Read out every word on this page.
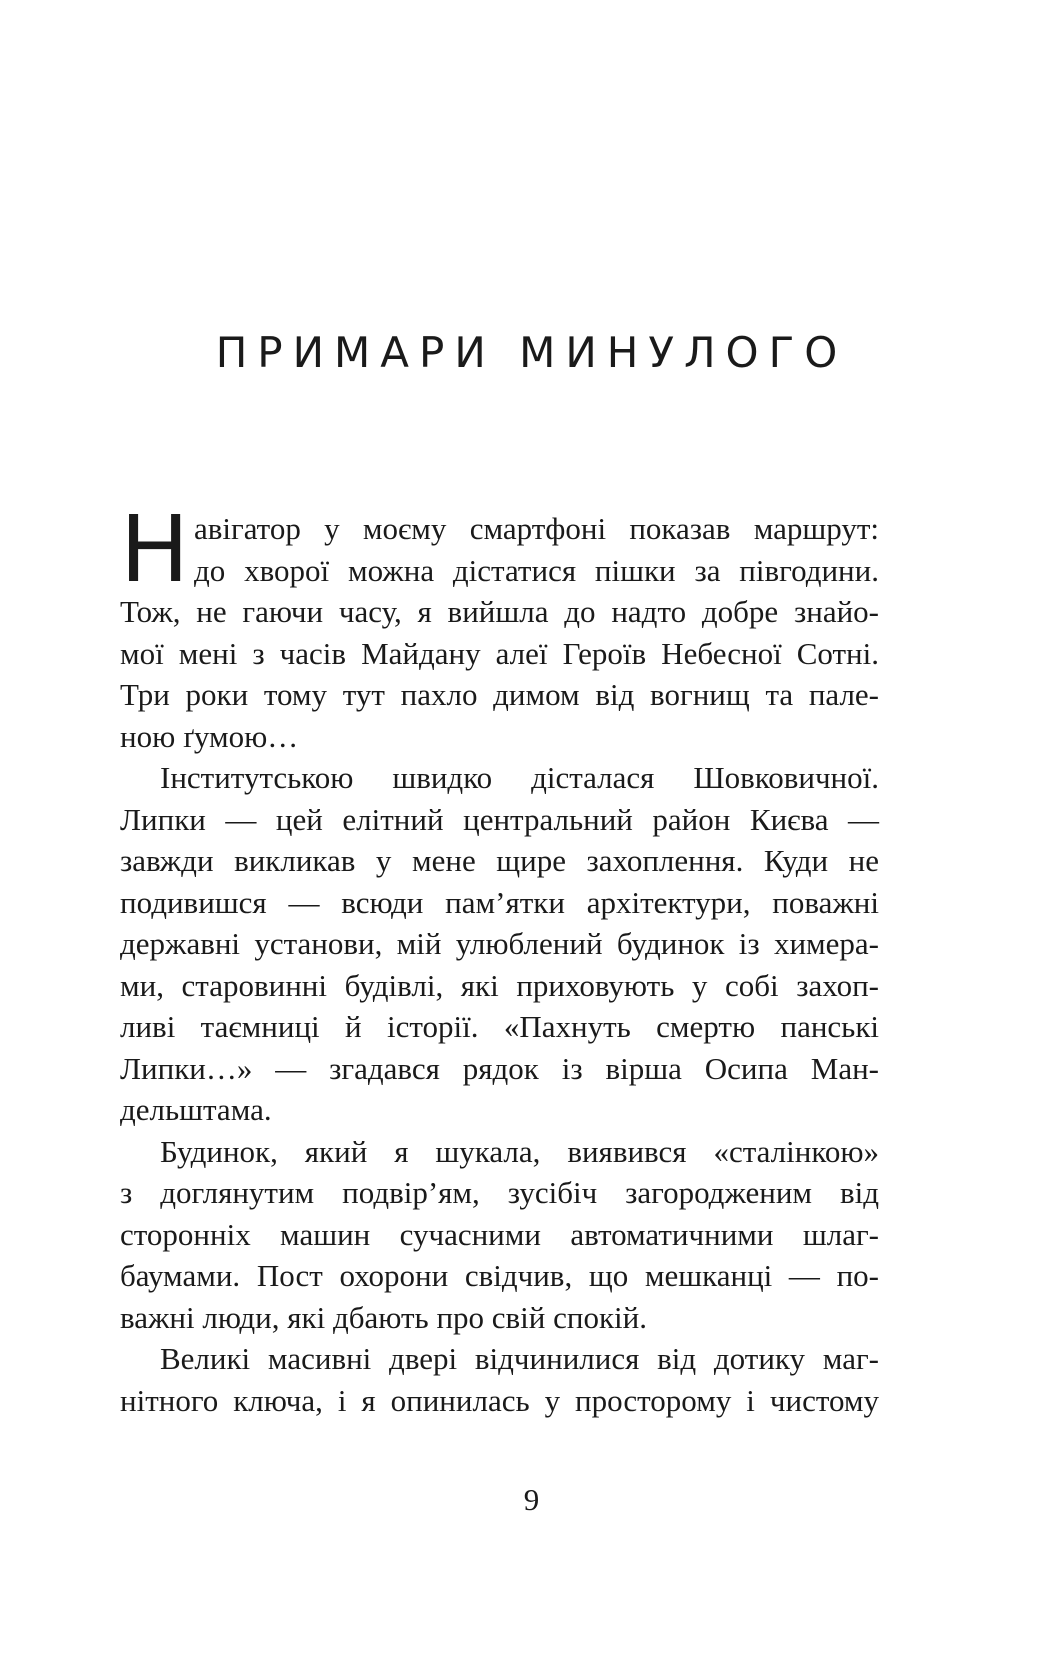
ПРИМАРИ МИНУЛОГО
Н авігатор у моєму смартфоні показав маршрут:
до хворої можна дістатися пішки за півгодини.
Тож, не гаючи часу, я вийшла до надто добре знайо-
мої мені з часів Майдану алеї Героїв Небесної Сотні.
Три роки тому тут пахло димом від вогнищ та пале-
ною ґумою…
Інститутською швидко дісталася Шовковичної.
Липки — цей елітний центральний район Києва —
завжди викликав у мене щире захоплення. Куди не
подивишся — всюди пам’ятки архітектури, поважні
державні установи, мій улюблений будинок із химера-
ми, старовинні будівлі, які приховують у собі захоп-
ливі таємниці й історії. «Пахнуть смертю панські
Липки…» — згадався рядок із вірша Осипа Ман-
дельштама.
Будинок, який я шукала, виявився «сталінкою»
з доглянутим подвір’ям, зусібіч загородженим від
сторонніх машин сучасними автоматичними шлаг-
баумами. Пост охорони свідчив, що мешканці — по-
важні люди, які дбають про свій спокій.
Великі масивні двері відчинилися від дотику маг-
нітного ключа, і я опинилась у просторому і чистому
9
